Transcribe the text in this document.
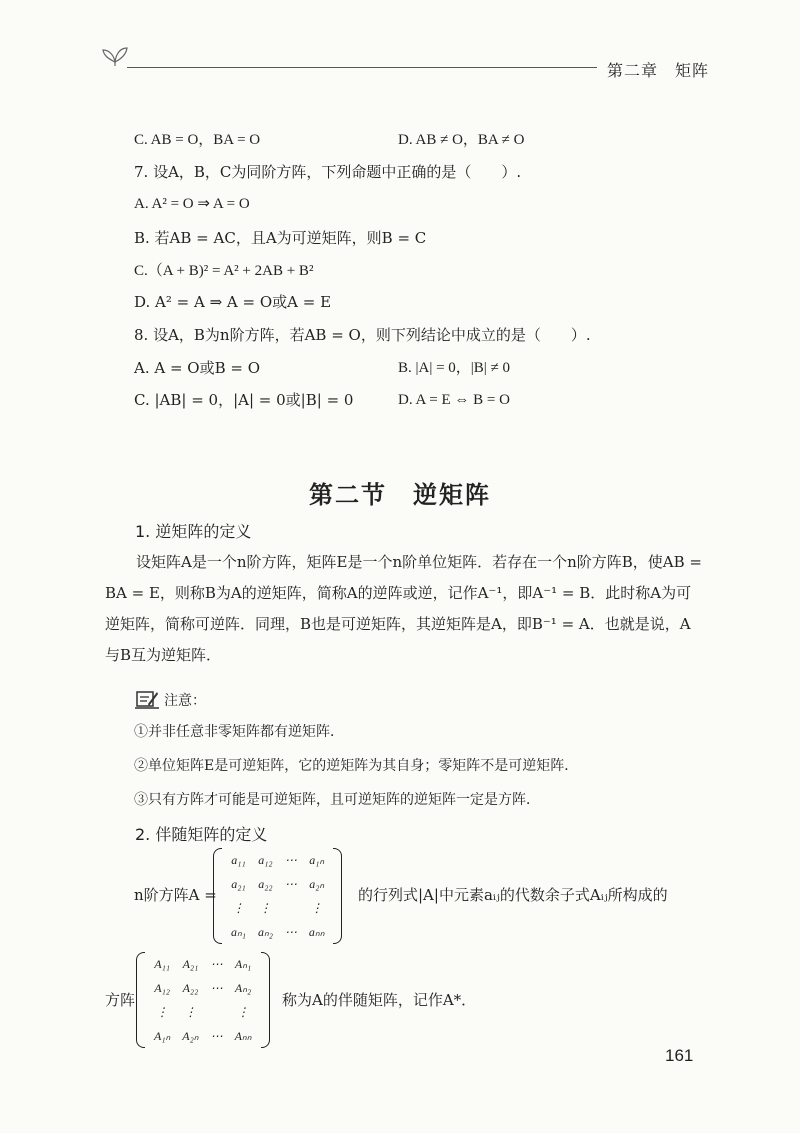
第二章　矩阵
C. AB = O，BA = O	D. AB ≠ O，BA ≠ O
7. 设A，B，C为同阶方阵，下列命题中正确的是（　　）.
A. A² = O ⇒ A = O
B. 若AB = AC，且A为可逆矩阵，则B = C
C.（A + B)² = A² + 2AB + B²
D. A² = A ⇒ A = O或A = E
8. 设A，B为n阶方阵，若AB = O，则下列结论中成立的是（　　）.
A. A = O或B = O	B. |A| = 0，|B| ≠ 0
C. |AB| = 0，|A| = 0或|B| = 0	D. A = E ⇔ B = O
第二节　逆矩阵
1. 逆矩阵的定义
设矩阵A是一个n阶方阵，矩阵E是一个n阶单位矩阵．若存在一个n阶方阵B，使AB = BA = E，则称B为A的逆矩阵，简称A的逆阵或逆，记作A⁻¹，即A⁻¹ = B．此时称A为可逆矩阵，简称可逆阵．同理，B也是可逆矩阵，其逆矩阵是A，即B⁻¹ = A．也就是说，A与B互为逆矩阵．
注意：
①并非任意非零矩阵都有逆矩阵．
②单位矩阵E是可逆矩阵，它的逆矩阵为其自身；零矩阵不是可逆矩阵．
③只有方阵才可能是可逆矩阵，且可逆矩阵的逆矩阵一定是方阵．
2. 伴随矩阵的定义
n阶方阵A =
a₁₁	a₁₂	⋯	a₁ₙ
a₂₁	a₂₂	⋯	a₂ₙ
⋮	⋮		⋮
aₙ₁	aₙ₂	⋯	aₙₙ
的行列式|A|中元素aᵢⱼ的代数余子式Aᵢⱼ所构成的
方阵
A₁₁	A₂₁	⋯	Aₙ₁
A₁₂	A₂₂	⋯	Aₙ₂
⋮	⋮		⋮
A₁ₙ	A₂ₙ	⋯	Aₙₙ
称为A的伴随矩阵，记作A*．
161
